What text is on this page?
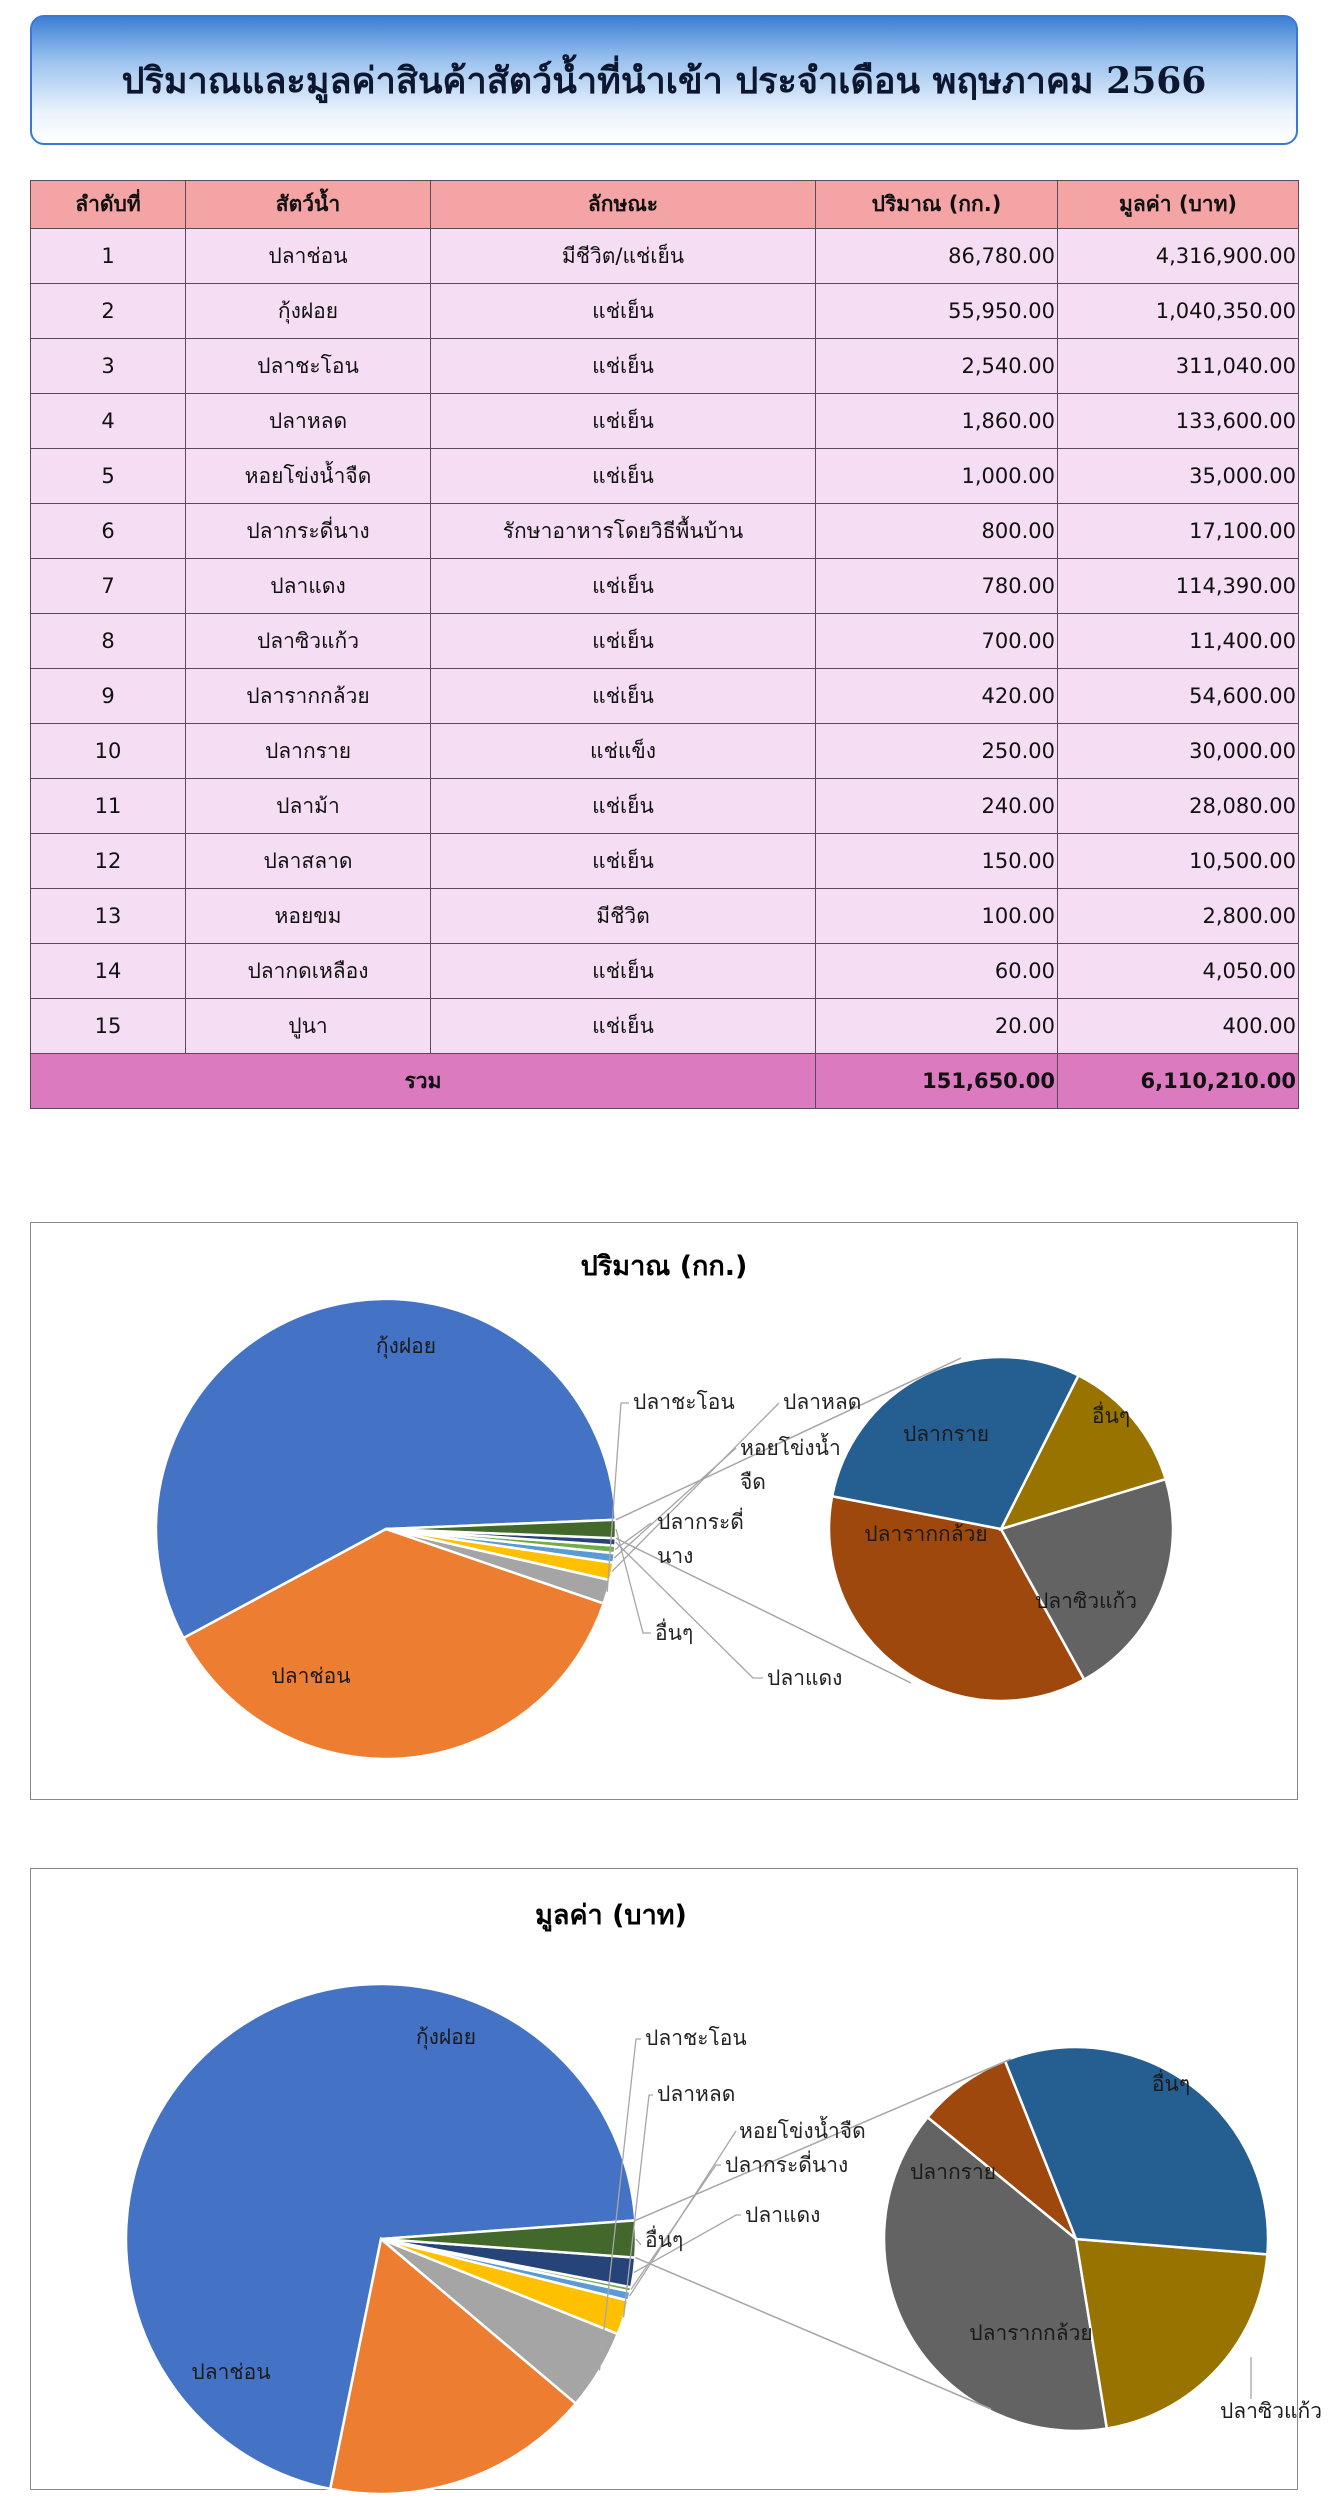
ปริมาณและมูลค่าสินค้าสัตว์น้ำที่นำเข้า ประจำเดือน พฤษภาคม 2566
ลำดับที่	สัตว์น้ำ	ลักษณะ	ปริมาณ (กก.)	มูลค่า (บาท)
1	ปลาช่อน	มีชีวิต/แช่เย็น	86,780.00	4,316,900.00
2	กุ้งฝอย	แช่เย็น	55,950.00	1,040,350.00
3	ปลาชะโอน	แช่เย็น	2,540.00	311,040.00
4	ปลาหลด	แช่เย็น	1,860.00	133,600.00
5	หอยโข่งน้ำจืด	แช่เย็น	1,000.00	35,000.00
6	ปลากระดี่นาง	รักษาอาหารโดยวิธีพื้นบ้าน	800.00	17,100.00
7	ปลาแดง	แช่เย็น	780.00	114,390.00
8	ปลาซิวแก้ว	แช่เย็น	700.00	11,400.00
9	ปลารากกล้วย	แช่เย็น	420.00	54,600.00
10	ปลากราย	แช่แข็ง	250.00	30,000.00
11	ปลาม้า	แช่เย็น	240.00	28,080.00
12	ปลาสลาด	แช่เย็น	150.00	10,500.00
13	หอยขม	มีชีวิต	100.00	2,800.00
14	ปลากดเหลือง	แช่เย็น	60.00	4,050.00
15	ปูนา	แช่เย็น	20.00	400.00
รวม			151,650.00	6,110,210.00
ปริมาณ (กก.)
ปลาช่อน
กุ้งฝอย
ปลาชะโอน ปลาหลด
หอยโข่งน้ำ
จืด
ปลากระดี่
นาง
ปลาแดง
อื่นๆ
ปลาซิวแก้ว
ปลารากกล้วย
ปลากราย
อื่นๆ
มูลค่า (บาท)
ปลาช่อน
กุ้งฝอย	ปลาชะโอน
ปลาหลด
หอยโข่งน้ำจืด
ปลากระดี่นาง
ปลาแดง
อื่นๆ
ปลาซิวแก้ว
ปลารากกล้วย
ปลากราย
อื่นๆ
